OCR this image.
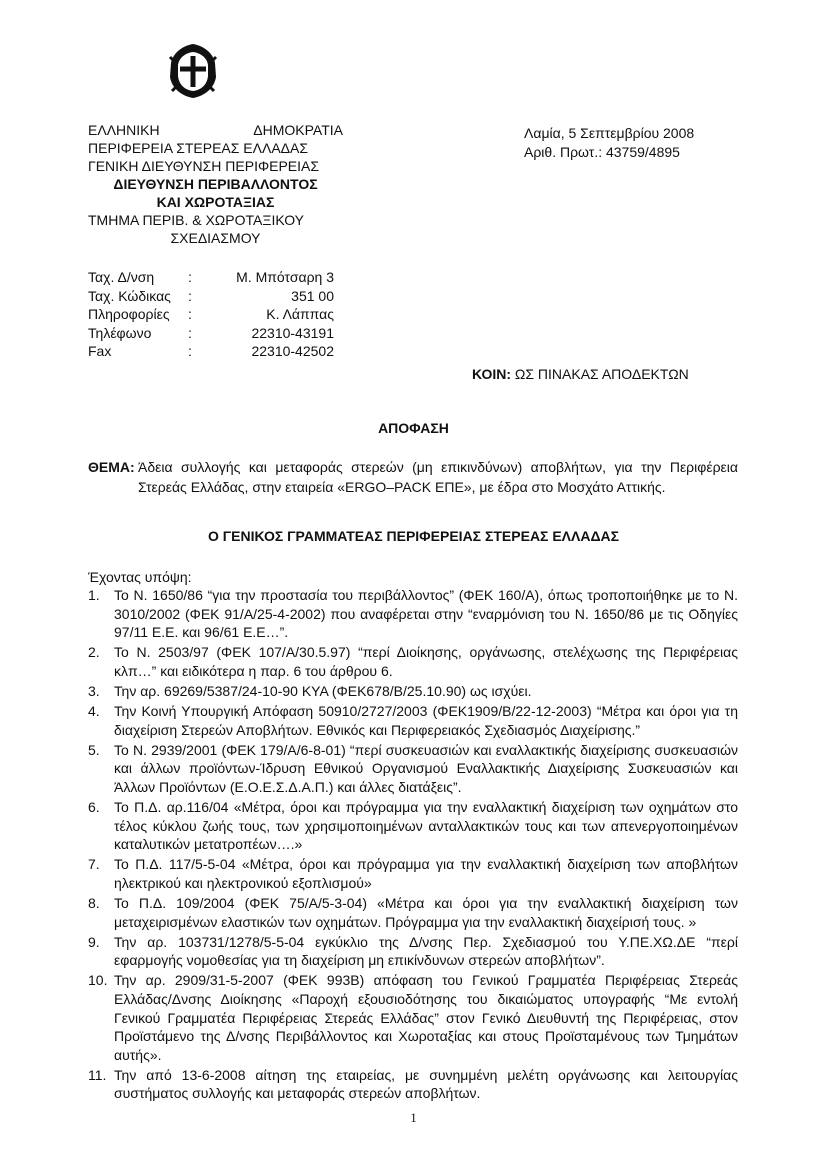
ΕΛΛΗΝΙΚΗ	ΔΗΜΟΚΡΑΤΙΑ
ΠΕΡΙΦΕΡΕΙΑ ΣΤΕΡΕΑΣ ΕΛΛΑΔΑΣ
ΓΕΝΙΚΗ ΔΙΕΥΘΥΝΣΗ ΠΕΡΙΦΕΡΕΙΑΣ
ΔΙΕΥΘΥΝΣΗ ΠΕΡΙΒΑΛΛΟΝΤΟΣ
ΚΑΙ ΧΩΡΟΤΑΞΙΑΣ
ΤΜΗΜΑ ΠΕΡΙΒ. & ΧΩΡΟΤΑΞΙΚΟΥ
ΣΧΕΔΙΑΣΜΟΥ
Λαμία, 5 Σεπτεμβρίου 2008
Αριθ. Πρωτ.: 43759/4895
Ταχ. Δ/νση	:	Μ. Μπότσαρη 3
Ταχ. Κώδικας	:	351 00
Πληροφορίες	:	Κ. Λάππας
Τηλέφωνο	:	22310-43191
Fax	:	22310-42502
ΚΟΙΝ: ΩΣ ΠΙΝΑΚΑΣ ΑΠΟΔΕΚΤΩΝ
ΑΠΟΦΑΣΗ
ΘΕΜΑ: Άδεια συλλογής και μεταφοράς στερεών (μη επικινδύνων) αποβλήτων, για την Περιφέρεια Στερεάς Ελλάδας, στην εταιρεία «ERGO–PACK ΕΠΕ», με έδρα στο Μοσχάτο Αττικής.
Ο ΓΕΝΙΚΟΣ ΓΡΑΜΜΑΤΕΑΣ ΠΕΡΙΦΕΡΕΙΑΣ ΣΤΕΡΕΑΣ ΕΛΛΑΔΑΣ
Έχοντας υπόψη:
1.	Το Ν. 1650/86 “για την προστασία του περιβάλλοντος” (ΦΕΚ 160/Α), όπως τροποποιήθηκε με το Ν. 3010/2002 (ΦΕΚ 91/Α/25-4-2002) που αναφέρεται στην “εναρμόνιση του Ν. 1650/86 με τις Οδηγίες 97/11 Ε.Ε. και 96/61 Ε.Ε…”.
2.	Το Ν. 2503/97 (ΦΕΚ 107/Α/30.5.97) “περί Διοίκησης, οργάνωσης, στελέχωσης της Περιφέρειας κλπ…” και ειδικότερα η παρ. 6 του άρθρου 6.
3.	Την αρ. 69269/5387/24-10-90 ΚΥΑ (ΦΕΚ678/Β/25.10.90) ως ισχύει.
4.	Την Κοινή Υπουργική Απόφαση 50910/2727/2003 (ΦΕΚ1909/Β/22-12-2003) “Μέτρα και όροι για τη διαχείριση Στερεών Αποβλήτων. Εθνικός και Περιφερειακός Σχεδιασμός Διαχείρισης.”
5.	Το Ν. 2939/2001 (ΦΕΚ 179/Α/6-8-01) “περί συσκευασιών και εναλλακτικής διαχείρισης συσκευασιών και άλλων προϊόντων-Ίδρυση Εθνικού Οργανισμού Εναλλακτικής Διαχείρισης Συσκευασιών και Άλλων Προϊόντων (Ε.Ο.Ε.Σ.Δ.Α.Π.) και άλλες διατάξεις”.
6.	Το Π.Δ. αρ.116/04 «Μέτρα, όροι και πρόγραμμα για την εναλλακτική διαχείριση των οχημάτων στο τέλος κύκλου ζωής τους, των χρησιμοποιημένων ανταλλακτικών τους και των απενεργοποιημένων καταλυτικών μετατροπέων….»
7.	Το Π.Δ. 117/5-5-04 «Μέτρα, όροι και πρόγραμμα για την εναλλακτική διαχείριση των αποβλήτων ηλεκτρικού και ηλεκτρονικού εξοπλισμού»
8.	Το Π.Δ. 109/2004 (ΦΕΚ 75/Α/5-3-04) «Μέτρα και όροι για την εναλλακτική διαχείριση των μεταχειρισμένων ελαστικών των οχημάτων. Πρόγραμμα για την εναλλακτική διαχείρισή τους. »
9.	Την αρ. 103731/1278/5-5-04 εγκύκλιο της Δ/νσης Περ. Σχεδιασμού του Υ.ΠΕ.ΧΩ.ΔΕ “περί εφαρμογής νομοθεσίας για τη διαχείριση μη επικίνδυνων στερεών αποβλήτων”.
10. Την αρ. 2909/31-5-2007 (ΦΕΚ 993Β) απόφαση του Γενικού Γραμματέα Περιφέρειας Στερεάς Ελλάδας/Δνσης Διοίκησης «Παροχή εξουσιοδότησης του δικαιώματος υπογραφής “Με εντολή Γενικού Γραμματέα Περιφέρειας Στερεάς Ελλάδας” στον Γενικό Διευθυντή της Περιφέρειας, στον Προϊστάμενο της Δ/νσης Περιβάλλοντος και Χωροταξίας και στους Προϊσταμένους των Τμημάτων αυτής».
11. Την από 13-6-2008 αίτηση της εταιρείας, με συνημμένη μελέτη οργάνωσης και λειτουργίας συστήματος συλλογής και μεταφοράς στερεών αποβλήτων.
1
